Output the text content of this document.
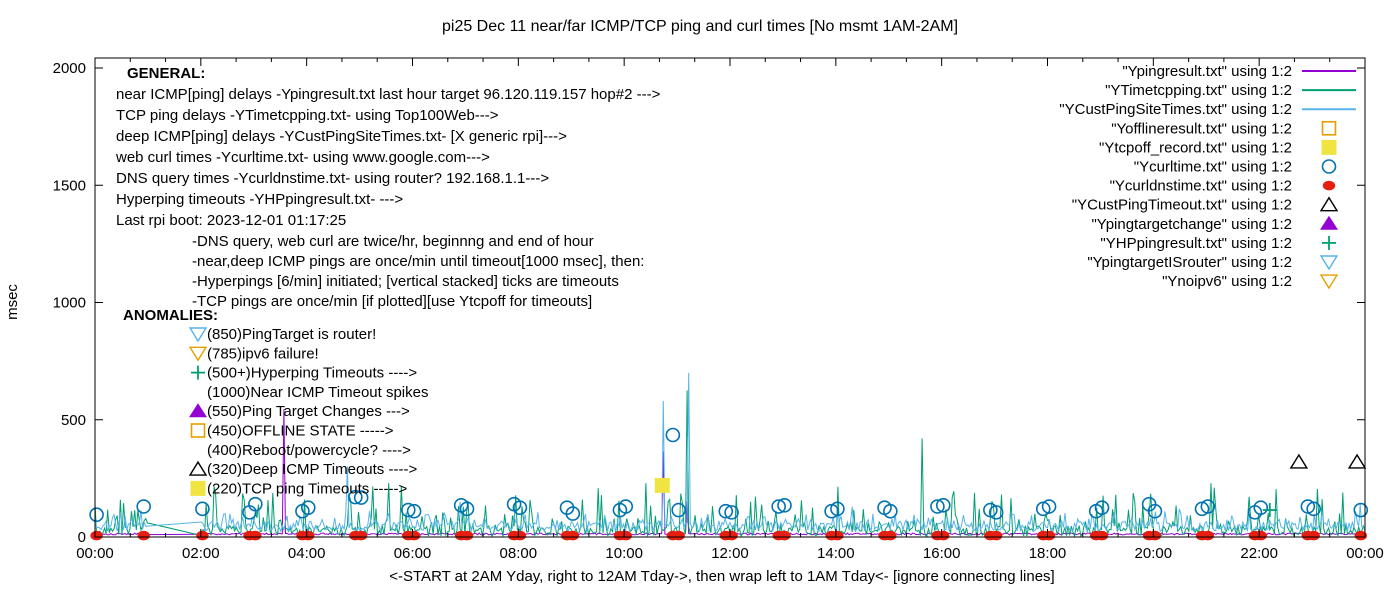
pi25 Dec 11 near/far ICMP/TCP ping and curl times [No msmt 1AM-2AM]
msec
<-START at 2AM Yday, right to 12AM Tday->, then wrap left to 1AM Tday<- [ignore connecting lines]
0
500
1000
1500
2000
00:00	02:00	04:00	06:00	08:00	10:00	12:00	14:00	16:00	18:00	20:00	22:00	00:00
"Ypingresult.txt" using 1:2
"YTimetcpping.txt" using 1:2
"YCustPingSiteTimes.txt" using 1:2
"Yofflineresult.txt" using 1:2
"Ytcpoff_record.txt" using 1:2
"Ycurltime.txt" using 1:2
"Ycurldnstime.txt" using 1:2
"YCustPingTimeout.txt" using 1:2
"Ypingtargetchange" using 1:2
"YHPpingresult.txt" using 1:2
"YpingtargetISrouter" using 1:2
"Ynoipv6" using 1:2
GENERAL:
near ICMP[ping] delays -Ypingresult.txt last hour target 96.120.119.157 hop#2 --->
TCP ping delays -YTimetcpping.txt- using Top100Web--->
deep ICMP[ping] delays -YCustPingSiteTimes.txt- [X generic rpi]--->
web curl times -Ycurltime.txt- using www.google.com--->
DNS query times -Ycurldnstime.txt- using router? 192.168.1.1--->
Hyperping timeouts -YHPpingresult.txt- --->
Last rpi boot: 2023-12-01 01:17:25
-DNS query, web curl are twice/hr, beginnng and end of hour
-near,deep ICMP pings are once/min until timeout[1000 msec], then:
-Hyperpings [6/min] initiated; [vertical stacked] ticks are timeouts
-TCP pings are once/min [if plotted][use Ytcpoff for timeouts]
ANOMALIES:
(850)PingTarget is router!
(785)ipv6 failure!
(500+)Hyperping Timeouts ---->
(1000)Near ICMP Timeout spikes
(550)Ping Target Changes --->
(450)OFFLINE STATE ----->
(400)Reboot/powercycle? ---->
(320)Deep ICMP Timeouts ---->
(220)TCP ping Timeouts ----->
